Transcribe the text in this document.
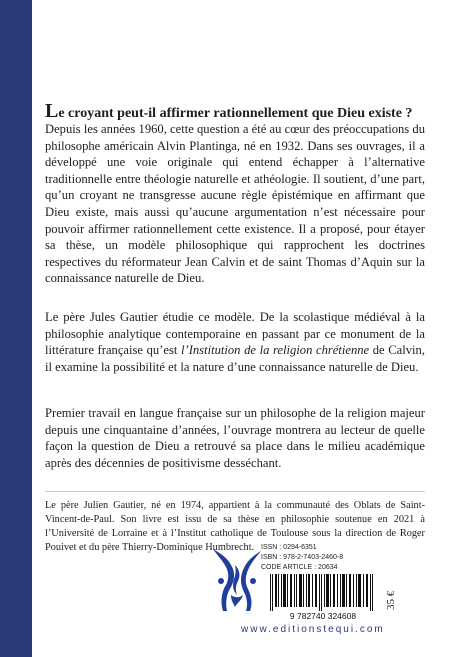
Le croyant peut-il affirmer rationnellement que Dieu existe ?

Depuis les années 1960, cette question a été au cœur des préoccupations du philosophe américain Alvin Plantinga, né en 1932. Dans ses ouvrages, il a développé une voie originale qui entend échapper à l’alternative traditionnelle entre théologie naturelle et athéologie. Il soutient, d’une part, qu’un croyant ne transgresse aucune règle épistémique en affirmant que Dieu existe, mais aussi qu’aucune argumentation n’est nécessaire pour pouvoir affirmer rationnellement cette existence. Il a proposé, pour étayer sa thèse, un modèle philosophique qui rapprochent les doctrines respectives du réformateur Jean Calvin et de saint Thomas d’Aquin sur la connaissance naturelle de Dieu.

Le père Jules Gautier étudie ce modèle. De la scolastique médiéval à la philosophie analytique contemporaine en passant par ce monument de la littérature française qu’est l’Institution de la religion chrétienne de Calvin, il examine la possibilité et la nature d’une connaissance naturelle de Dieu.

Premier travail en langue française sur un philosophe de la religion majeur depuis une cinquantaine d’années, l’ouvrage montrera au lecteur de quelle façon la question de Dieu a retrouvé sa place dans le milieu académique après des décennies de positivisme desséchant.

Le père Julien Gautier, né en 1974, appartient à la communauté des Oblats de Saint-Vincent-de-Paul. Son livre est issu de sa thèse en philosophie soutenue en 2021 à l’Université de Lorraine et à l’Institut catholique de Toulouse sous la direction de Roger Pouivet et du père Thierry-Dominique Humbrecht. ISSN : 0294-6351
ISBN : 978-2-7403-2460-8
CODE ARTICLE : 20634
9 782740 324608
35 €
www.editionstequi.com
